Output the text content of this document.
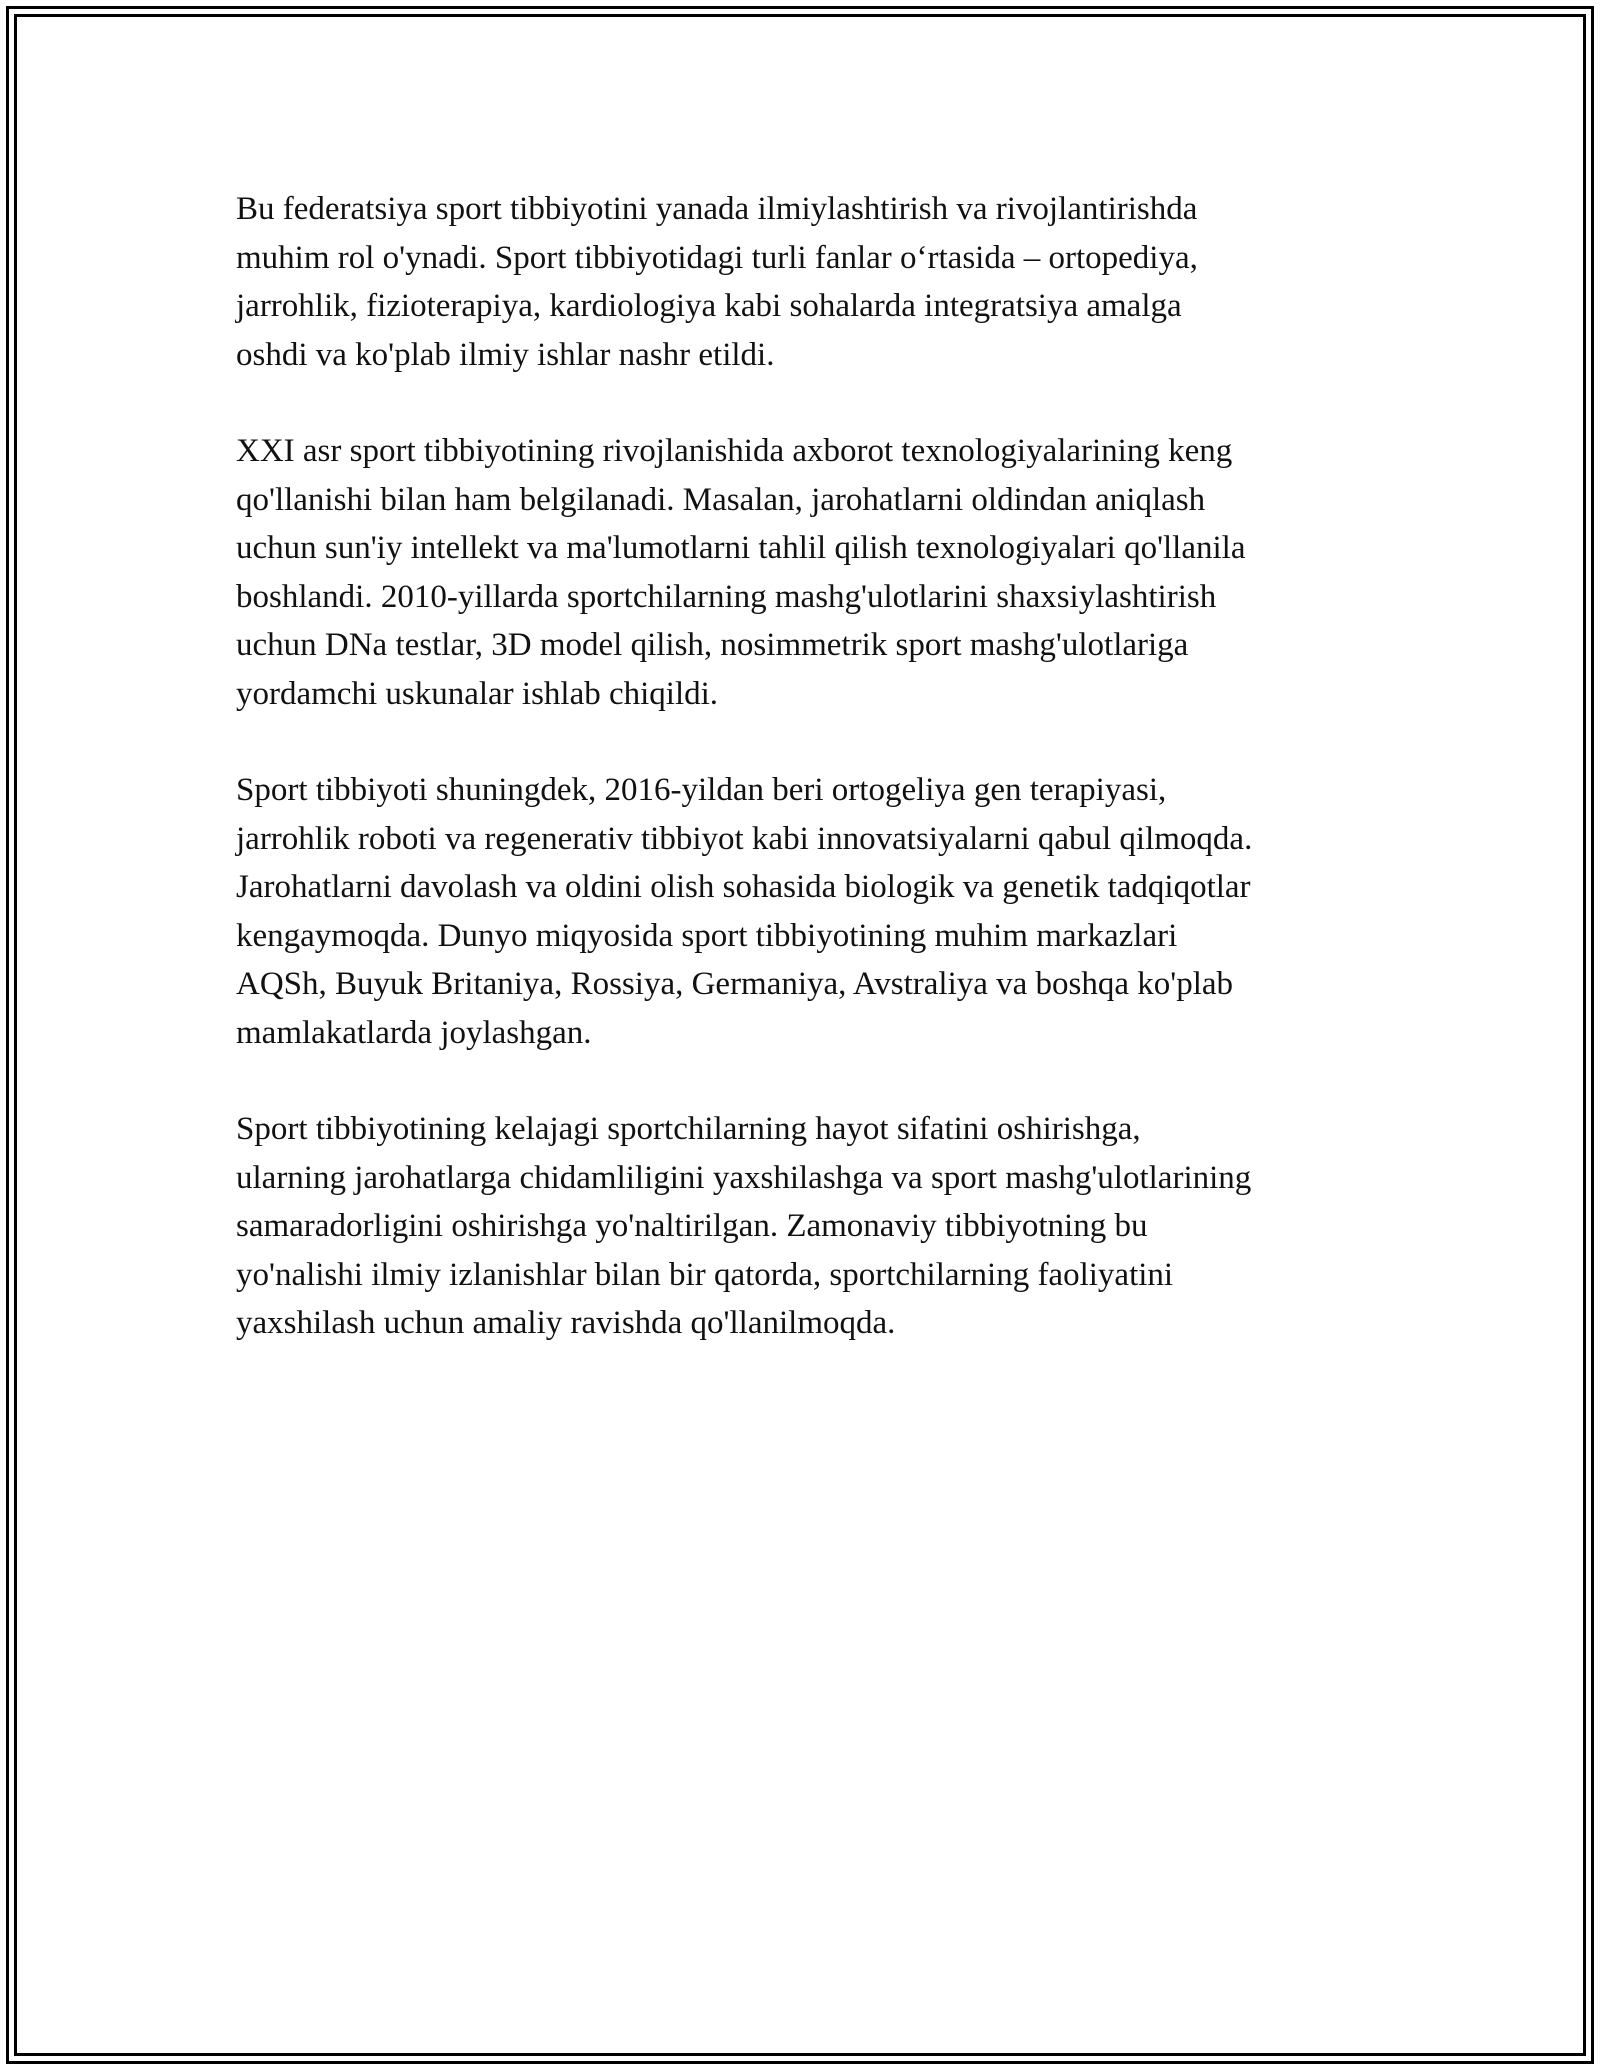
Bu federatsiya sport tibbiyotini yanada ilmiylashtirish va rivojlantirishda
muhim rol o'ynadi. Sport tibbiyotidagi turli fanlar oʻrtasida – ortopediya,
jarrohlik, fizioterapiya, kardiologiya kabi sohalarda integratsiya amalga
oshdi va ko'plab ilmiy ishlar nashr etildi.
XXI asr sport tibbiyotining rivojlanishida axborot texnologiyalarining keng
qo'llanishi bilan ham belgilanadi. Masalan, jarohatlarni oldindan aniqlash
uchun sun'iy intellekt va ma'lumotlarni tahlil qilish texnologiyalari qo'llanila
boshlandi. 2010-yillarda sportchilarning mashg'ulotlarini shaxsiylashtirish
uchun DNa testlar, 3D model qilish, nosimmetrik sport mashg'ulotlariga
yordamchi uskunalar ishlab chiqildi.
Sport tibbiyoti shuningdek, 2016-yildan beri ortogeliya gen terapiyasi,
jarrohlik roboti va regenerativ tibbiyot kabi innovatsiyalarni qabul qilmoqda.
Jarohatlarni davolash va oldini olish sohasida biologik va genetik tadqiqotlar
kengaymoqda. Dunyo miqyosida sport tibbiyotining muhim markazlari
AQSh, Buyuk Britaniya, Rossiya, Germaniya, Avstraliya va boshqa ko'plab
mamlakatlarda joylashgan.
Sport tibbiyotining kelajagi sportchilarning hayot sifatini oshirishga,
ularning jarohatlarga chidamliligini yaxshilashga va sport mashg'ulotlarining
samaradorligini oshirishga yo'naltirilgan. Zamonaviy tibbiyotning bu
yo'nalishi ilmiy izlanishlar bilan bir qatorda, sportchilarning faoliyatini
yaxshilash uchun amaliy ravishda qo'llanilmoqda.
